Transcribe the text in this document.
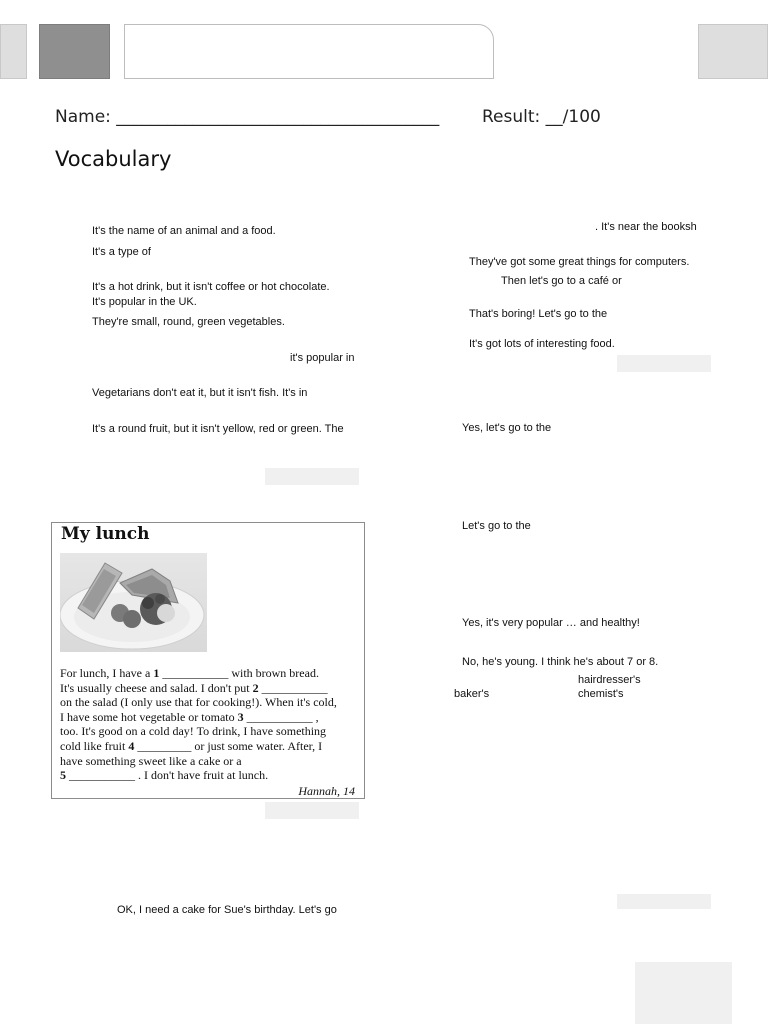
Name: ______________________________________	Result: __/100
Vocabulary
It's the name of an animal and a food.
It's a type of
It's a hot drink, but it isn't coffee or hot chocolate.
It's popular in the UK.
They're small, round, green vegetables.
it's popular in
Vegetarians don't eat it, but it isn't fish. It's in
It's a round fruit, but it isn't yellow, red or green. The
. It's near the booksh
They've got some great things for computers.
Then let's go to a café or
That's boring! Let's go to the
It's got lots of interesting food.
Yes, let's go to the
Let's go to the
Yes, it's very popular … and healthy!
No, he's young. I think he's about 7 or 8.
hairdresser's
baker's	chemist's
My lunch
For lunch, I have a 1 ___________ with brown bread.
It's usually cheese and salad. I don't put 2 ___________
on the salad (I only use that for cooking!). When it's cold,
I have some hot vegetable or tomato 3 ___________ ,
too. It's good on a cold day! To drink, I have something
cold like fruit 4 _________ or just some water. After, I
have something sweet like a cake or a
5 ___________ . I don't have fruit at lunch.
Hannah, 14
OK, I need a cake for Sue's birthday. Let's go
